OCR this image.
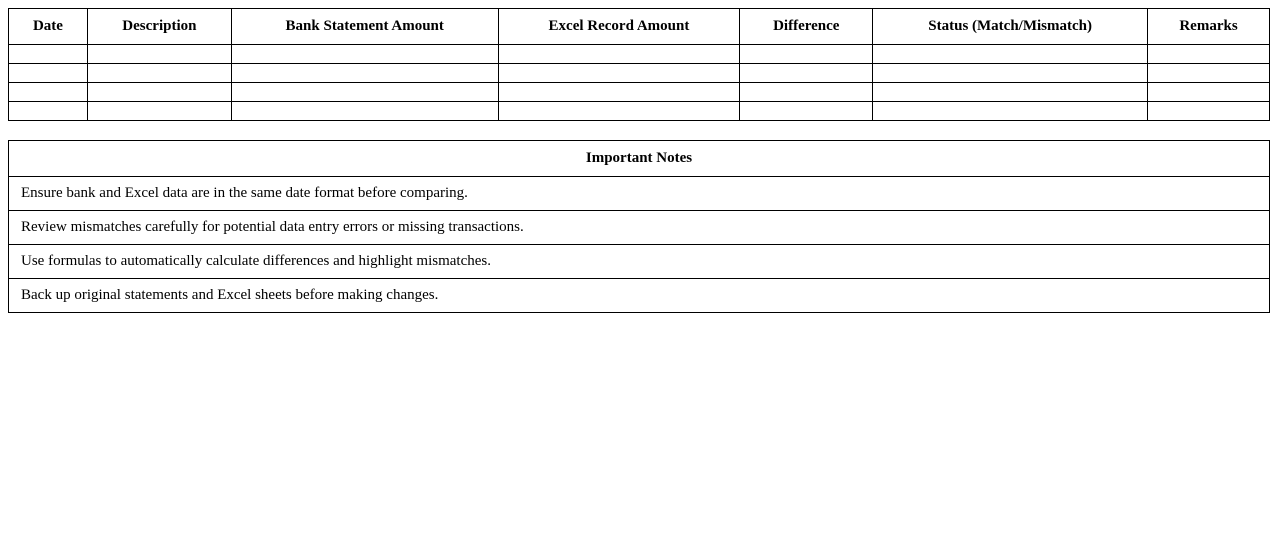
Date	Description	Bank Statement Amount	Excel Record Amount	Difference	Status (Match/Mismatch)	Remarks

Important Notes
Ensure bank and Excel data are in the same date format before comparing.
Review mismatches carefully for potential data entry errors or missing transactions.
Use formulas to automatically calculate differences and highlight mismatches.
Back up original statements and Excel sheets before making changes.
